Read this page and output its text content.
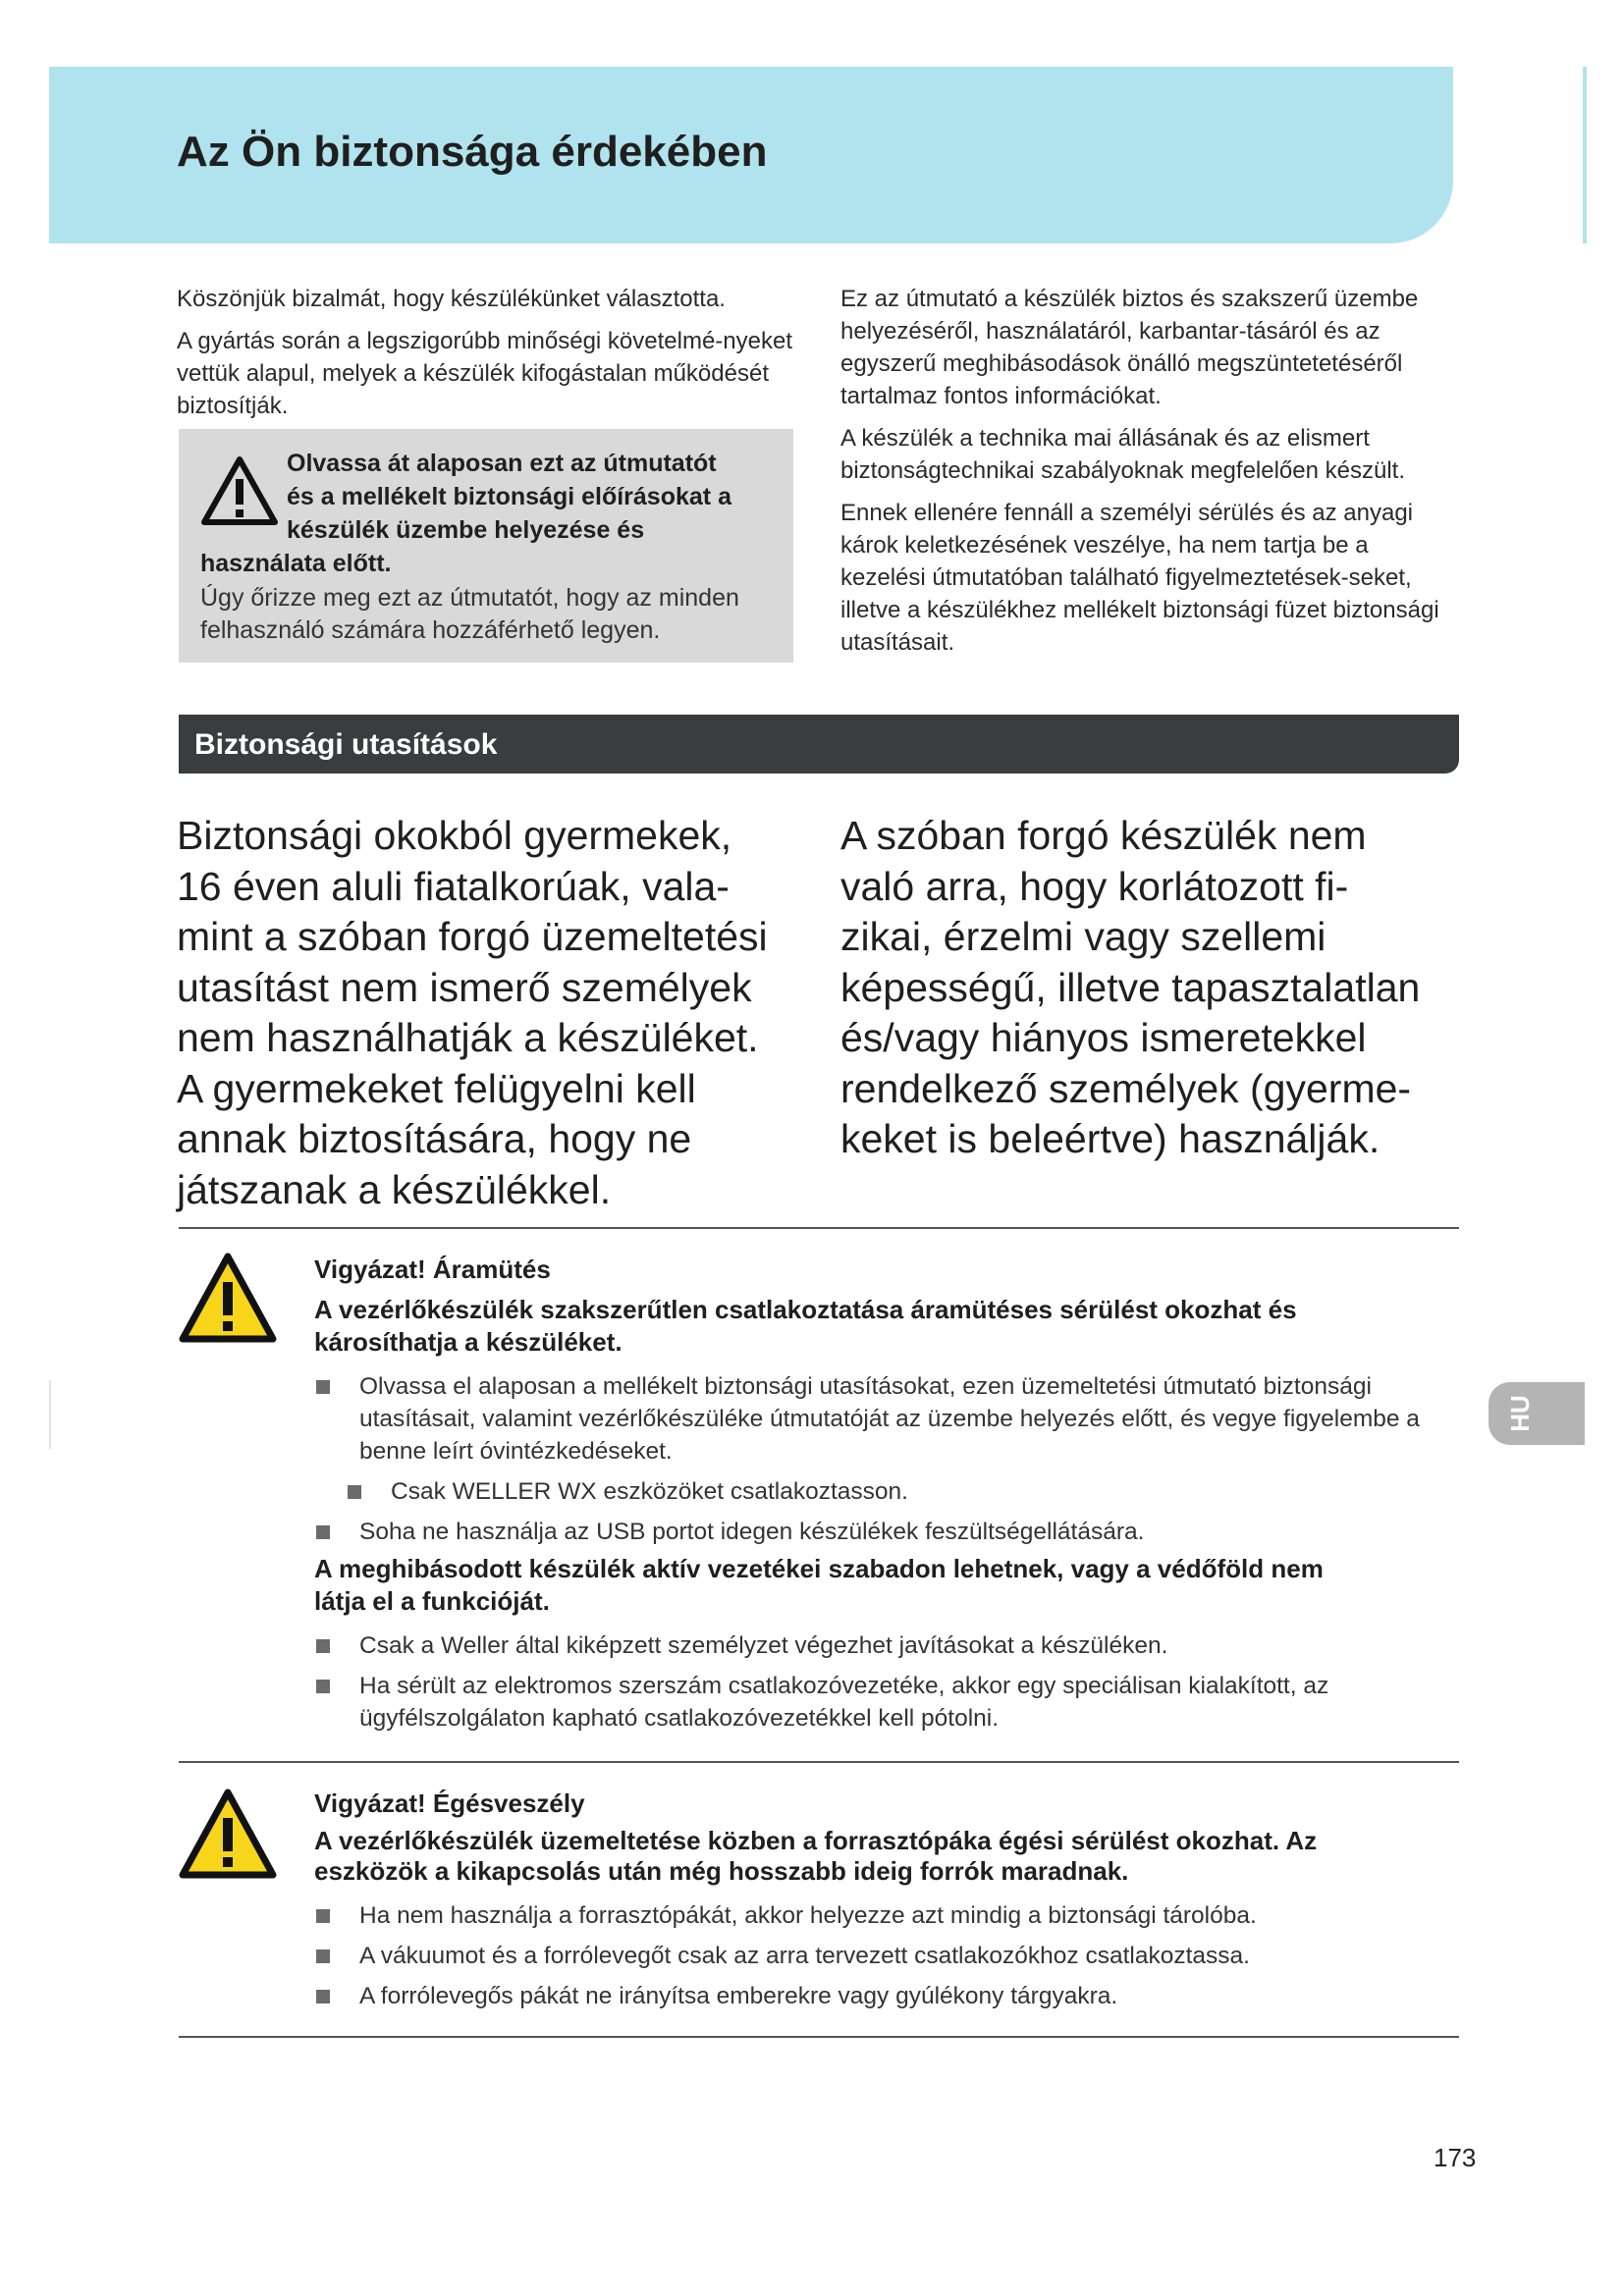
Az Ön biztonsága érdekében

Köszönjük bizalmát, hogy készülékünket választotta.

A gyártás során a legszigorúbb minőségi követelmé-nyeket vettük alapul, melyek a készülék kifogástalan működését biztosítják.

Olvassa át alaposan ezt az útmutatót
és a mellékelt biztonsági előírásokat a
készülék üzembe helyezése és
használata előtt.
Úgy őrizze meg ezt az útmutatót, hogy az minden felhasználó számára hozzáférhető legyen.

Ez az útmutató a készülék biztos és szakszerű üzembe helyezéséről, használatáról, karbantar-tásáról és az egyszerű meghibásodások önálló megszüntetetéséről tartalmaz fontos információkat.

A készülék a technika mai állásának és az elismert biztonságtechnikai szabályoknak megfelelően készült.

Ennek ellenére fennáll a személyi sérülés és az anyagi károk keletkezésének veszélye, ha nem tartja be a kezelési útmutatóban található figyelmeztetések-seket, illetve a készülékhez mellékelt biztonsági füzet biztonsági utasításait.

Biztonsági utasítások

Biztonsági okokból gyermekek,

16 éven aluli fiatalkorúak, vala-

mint a szóban forgó üzemeltetési

utasítást nem ismerő személyek

nem használhatják a készüléket.

A gyermekeket felügyelni kell

annak biztosítására, hogy ne

játszanak a készülékkel.

A szóban forgó készülék nem

való arra, hogy korlátozott fi-

zikai, érzelmi vagy szellemi

képességű, illetve tapasztalatlan

és/vagy hiányos ismeretekkel

rendelkező személyek (gyerme-

keket is beleértve) használják.

Vigyázat! Áramütés
A vezérlőkészülék szakszerűtlen csatlakoztatása áramütéses sérülést okozhat és
károsíthatja a készüléket.
Olvassa el alaposan a mellékelt biztonsági utasításokat, ezen üzemeltetési útmutató biztonsági utasításait, valamint vezérlőkészüléke útmutatóját az üzembe helyezés előtt, és vegye figyelembe a benne leírt óvintézkedéseket.
Csak WELLER WX eszközöket csatlakoztasson.
Soha ne használja az USB portot idegen készülékek feszültségellátására.
A meghibásodott készülék aktív vezetékei szabadon lehetnek, vagy a védőföld nem
látja el a funkcióját.
Csak a Weller által kiképzett személyzet végezhet javításokat a készüléken.
Ha sérült az elektromos szerszám csatlakozóvezetéke, akkor egy speciálisan kialakított, az ügyfélszolgálaton kapható csatlakozóvezetékkel kell pótolni.
Vigyázat! Égésveszély
A vezérlőkészülék üzemeltetése közben a forrasztópáka égési sérülést okozhat. Az
eszközök a kikapcsolás után még hosszabb ideig forrók maradnak.
Ha nem használja a forrasztópákát, akkor helyezze azt mindig a biztonsági tárolóba.
A vákuumot és a forrólevegőt csak az arra tervezett csatlakozókhoz csatlakoztassa.
A forrólevegős pákát ne irányítsa emberekre vagy gyúlékony tárgyakra.
HU
173
